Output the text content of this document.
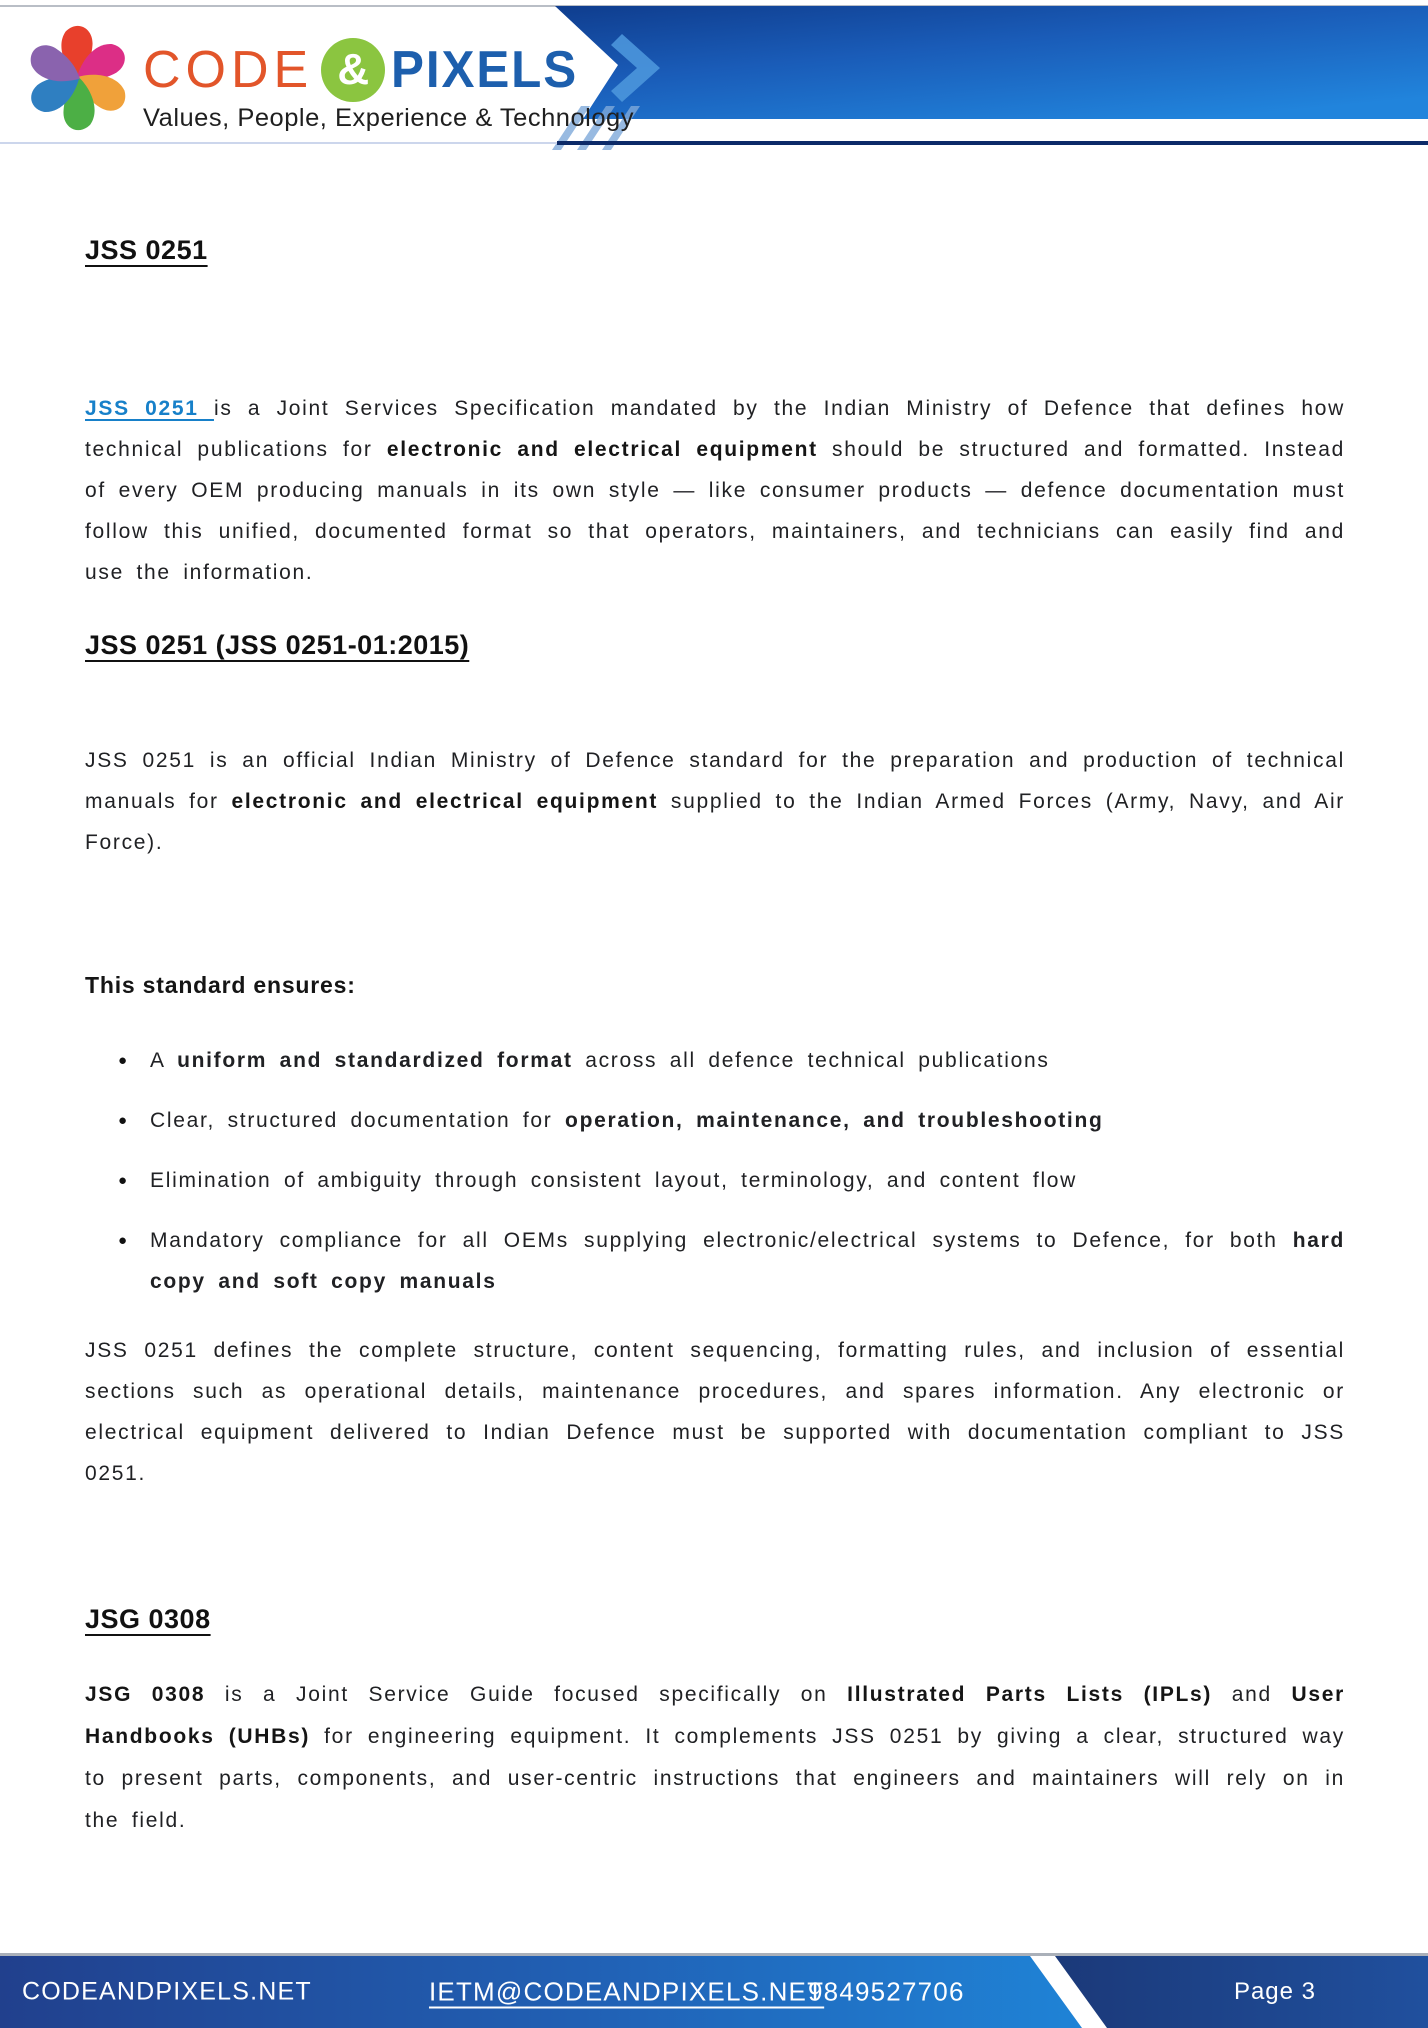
CODE & PIXELS
Values, People, Experience & Technology
JSS 0251

JSS 0251 is a Joint Services Specification mandated by the Indian Ministry of Defence that defines how technical publications for electronic and electrical equipment should be structured and formatted. Instead of every OEM producing manuals in its own style — like consumer products — defence documentation must follow this unified, documented format so that operators, maintainers, and technicians can easily find and use the information.

JSS 0251 (JSS 0251-01:2015)

JSS 0251 is an official Indian Ministry of Defence standard for the preparation and production of technical manuals for electronic and electrical equipment supplied to the Indian Armed Forces (Army, Navy, and Air Force).

This standard ensures:

● A uniform and standardized format across all defence technical publications
● Clear, structured documentation for operation, maintenance, and troubleshooting
● Elimination of ambiguity through consistent layout, terminology, and content flow
● Mandatory compliance for all OEMs supplying electronic/electrical systems to Defence, for both hard copy and soft copy manuals

JSS 0251 defines the complete structure, content sequencing, formatting rules, and inclusion of essential sections such as operational details, maintenance procedures, and spares information. Any electronic or electrical equipment delivered to Indian Defence must be supported with documentation compliant to JSS 0251.

JSG 0308

JSG 0308 is a Joint Service Guide focused specifically on Illustrated Parts Lists (IPLs) and User Handbooks (UHBs) for engineering equipment. It complements JSS 0251 by giving a clear, structured way to present parts, components, and user-centric instructions that engineers and maintainers will rely on in the field.

CODEANDPIXELS.NET	IETM@CODEANDPIXELS.NET
9849527706	Page 3
